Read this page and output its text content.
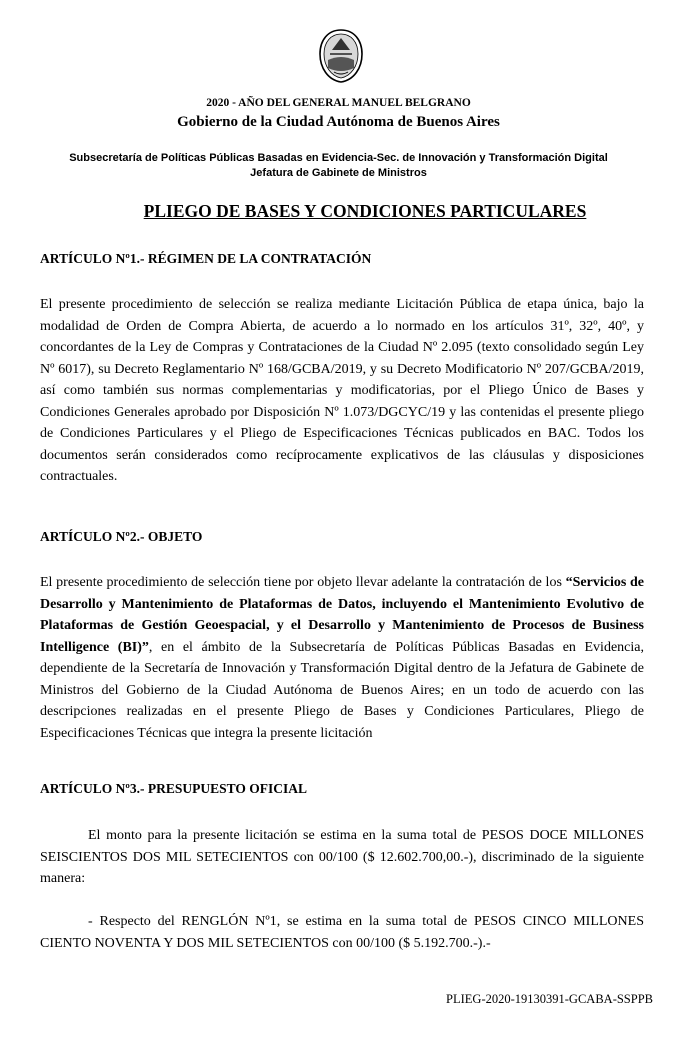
2020 - AÑO DEL GENERAL MANUEL BELGRANO
Gobierno de la Ciudad Autónoma de Buenos Aires
Subsecretaría de Políticas Públicas Basadas en Evidencia-Sec. de Innovación y Transformación Digital
Jefatura de Gabinete de Ministros
PLIEGO DE BASES Y CONDICIONES PARTICULARES
ARTÍCULO Nº1.- RÉGIMEN DE LA CONTRATACIÓN

El presente procedimiento de selección se realiza mediante Licitación Pública de etapa única, bajo la modalidad de Orden de Compra Abierta, de acuerdo a lo normado en los artículos 31º, 32º, 40º, y concordantes de la Ley de Compras y Contrataciones de la Ciudad Nº 2.095 (texto consolidado según Ley Nº 6017), su Decreto Reglamentario Nº 168/GCBA/2019, y su Decreto Modificatorio Nº 207/GCBA/2019, así como también sus normas complementarias y modificatorias, por el Pliego Único de Bases y Condiciones Generales aprobado por Disposición Nº 1.073/DGCYC/19 y las contenidas el presente pliego de Condiciones Particulares y el Pliego de Especificaciones Técnicas publicados en BAC. Todos los documentos serán considerados como recíprocamente explicativos de las cláusulas y disposiciones contractuales.

ARTÍCULO Nº2.- OBJETO

El presente procedimiento de selección tiene por objeto llevar adelante la contratación de los “Servicios de Desarrollo y Mantenimiento de Plataformas de Datos, incluyendo el Mantenimiento Evolutivo de Plataformas de Gestión Geoespacial, y el Desarrollo y Mantenimiento de Procesos de Business Intelligence (BI)”, en el ámbito de la Subsecretaría de Políticas Públicas Basadas en Evidencia, dependiente de la Secretaría de Innovación y Transformación Digital dentro de la Jefatura de Gabinete de Ministros del Gobierno de la Ciudad Autónoma de Buenos Aires; en un todo de acuerdo con las descripciones realizadas en el presente Pliego de Bases y Condiciones Particulares, Pliego de Especificaciones Técnicas que integra la presente licitación

ARTÍCULO Nº3.- PRESUPUESTO OFICIAL

El monto para la presente licitación se estima en la suma total de PESOS DOCE MILLONES SEISCIENTOS DOS MIL SETECIENTOS con 00/100 ($ 12.602.700,00.-), discriminado de la siguiente manera:

- Respecto del RENGLÓN Nº1, se estima en la suma total de PESOS CINCO MILLONES CIENTO NOVENTA Y DOS MIL SETECIENTOS con 00/100 ($ 5.192.700.-).-

PLIEG-2020-19130391-GCABA-SSPPB
